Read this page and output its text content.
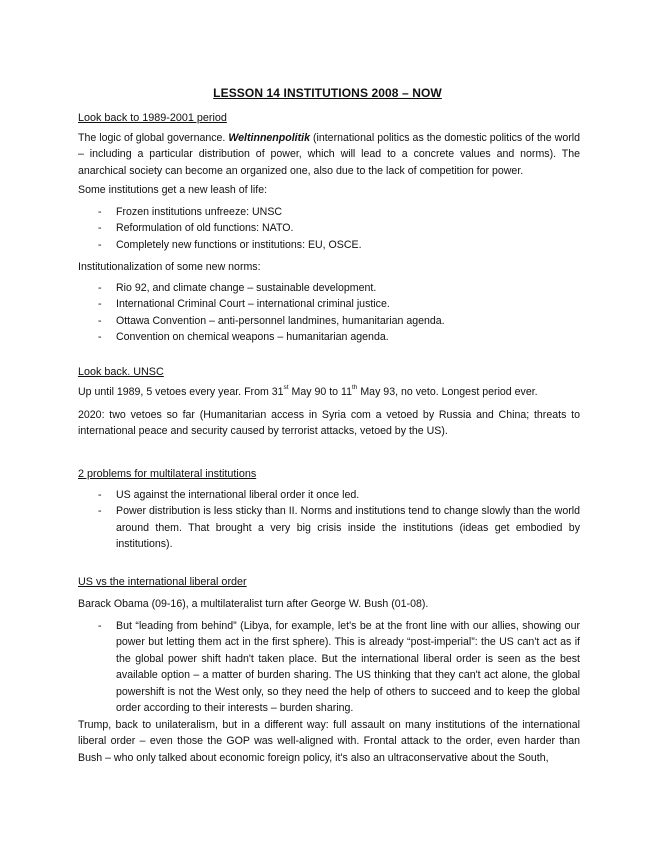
LESSON 14 INSTITUTIONS 2008 – NOW
Look back to 1989-2001 period

The logic of global governance. Weltinnenpolitik (international politics as the domestic politics of the world – including a particular distribution of power, which will lead to a concrete values and norms). The anarchical society can become an organized one, also due to the lack of competition for power.

Some institutions get a new leash of life:

- Frozen institutions unfreeze: UNSC
- Reformulation of old functions: NATO.
- Completely new functions or institutions: EU, OSCE.

Institutionalization of some new norms:

- Rio 92, and climate change – sustainable development.
- International Criminal Court – international criminal justice.
- Ottawa Convention – anti-personnel landmines, humanitarian agenda.
- Convention on chemical weapons – humanitarian agenda.
Look back. UNSC

Up until 1989, 5 vetoes every year. From 31st May 90 to 11th May 93, no veto. Longest period ever.

2020: two vetoes so far (Humanitarian access in Syria com a vetoed by Russia and China; threats to international peace and security caused by terrorist attacks, vetoed by the US).

2 problems for multilateral institutions
- US against the international liberal order it once led.
- Power distribution is less sticky than II. Norms and institutions tend to change slowly than the world around them. That brought a very big crisis inside the institutions (ideas get embodied by institutions).
US vs the international liberal order

Barack Obama (09-16), a multilateralist turn after George W. Bush (01-08).

- But “leading from behind” (Libya, for example, let's be at the front line with our allies, showing our power but letting them act in the first sphere). This is already “post-imperial”: the US can't act as if the global power shift hadn't taken place. But the international liberal order is seen as the best available option – a matter of burden sharing. The US thinking that they can't act alone, the global powershift is not the West only, so they need the help of others to succeed and to keep the global order according to their interests – burden sharing.

Trump, back to unilateralism, but in a different way: full assault on many institutions of the international liberal order – even those the GOP was well-aligned with. Frontal attack to the order, even harder than Bush – who only talked about economic foreign policy, it's also an ultraconservative about the South,
